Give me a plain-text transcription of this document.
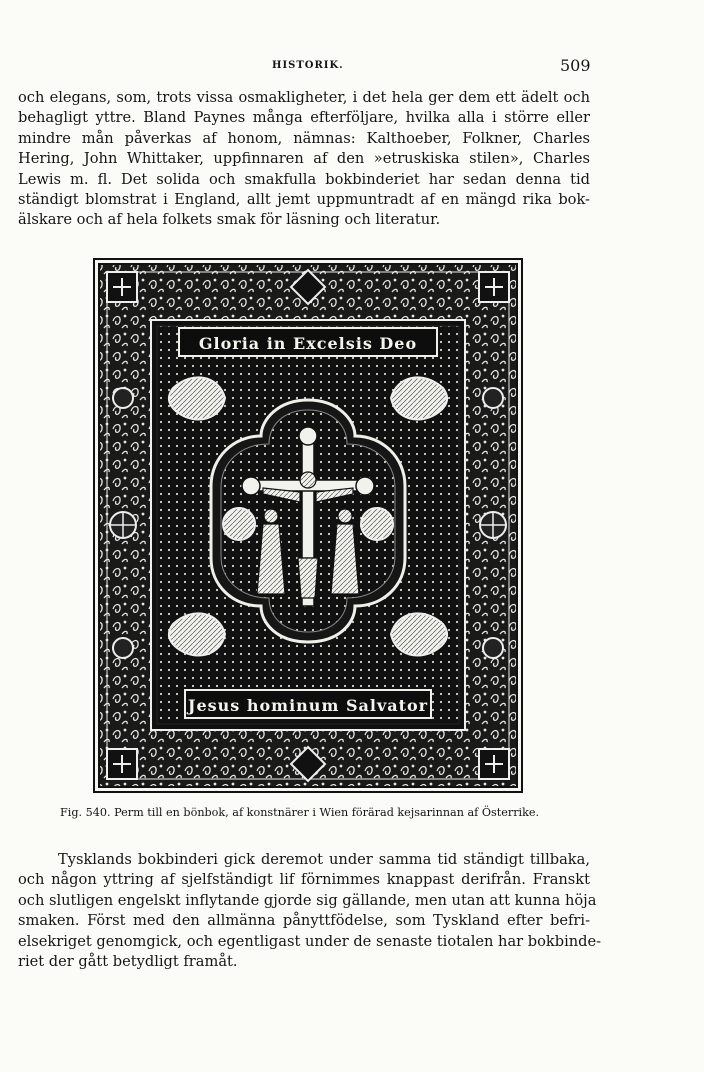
HISTORIK.	509
och elegans, som, trots vissa osmakligheter, i det hela ger dem ett ädelt och
behagligt yttre. Bland Paynes många efterföljare, hvilka alla i större eller
mindre mån påverkas af honom, nämnas: Kalthoeber, Folkner, Charles
Hering, John Whittaker, uppfinnaren af den »etruskiska stilen», Charles
Lewis m. fl. Det solida och smakfulla bokbinderiet har sedan denna tid
ständigt blomstrat i England, allt jemt uppmuntradt af en mängd rika bok-
älskare och af hela folkets smak för läsning och literatur.
Gloria in Excelsis Deo
Jesus hominum Salvator
Fig. 540. Perm till en bönbok, af konstnärer i Wien förärad kejsarinnan af Österrike.
Tysklands bokbinderi gick deremot under samma tid ständigt tillbaka,
och någon yttring af sjelfständigt lif förnimmes knappast derifrån. Franskt
och slutligen engelskt inflytande gjorde sig gällande, men utan att kunna höja
smaken. Först med den allmänna pånyttfödelse, som Tyskland efter befri-
elsekriget genomgick, och egentligast under de senaste tiotalen har bokbinde-
riet der gått betydligt framåt.
